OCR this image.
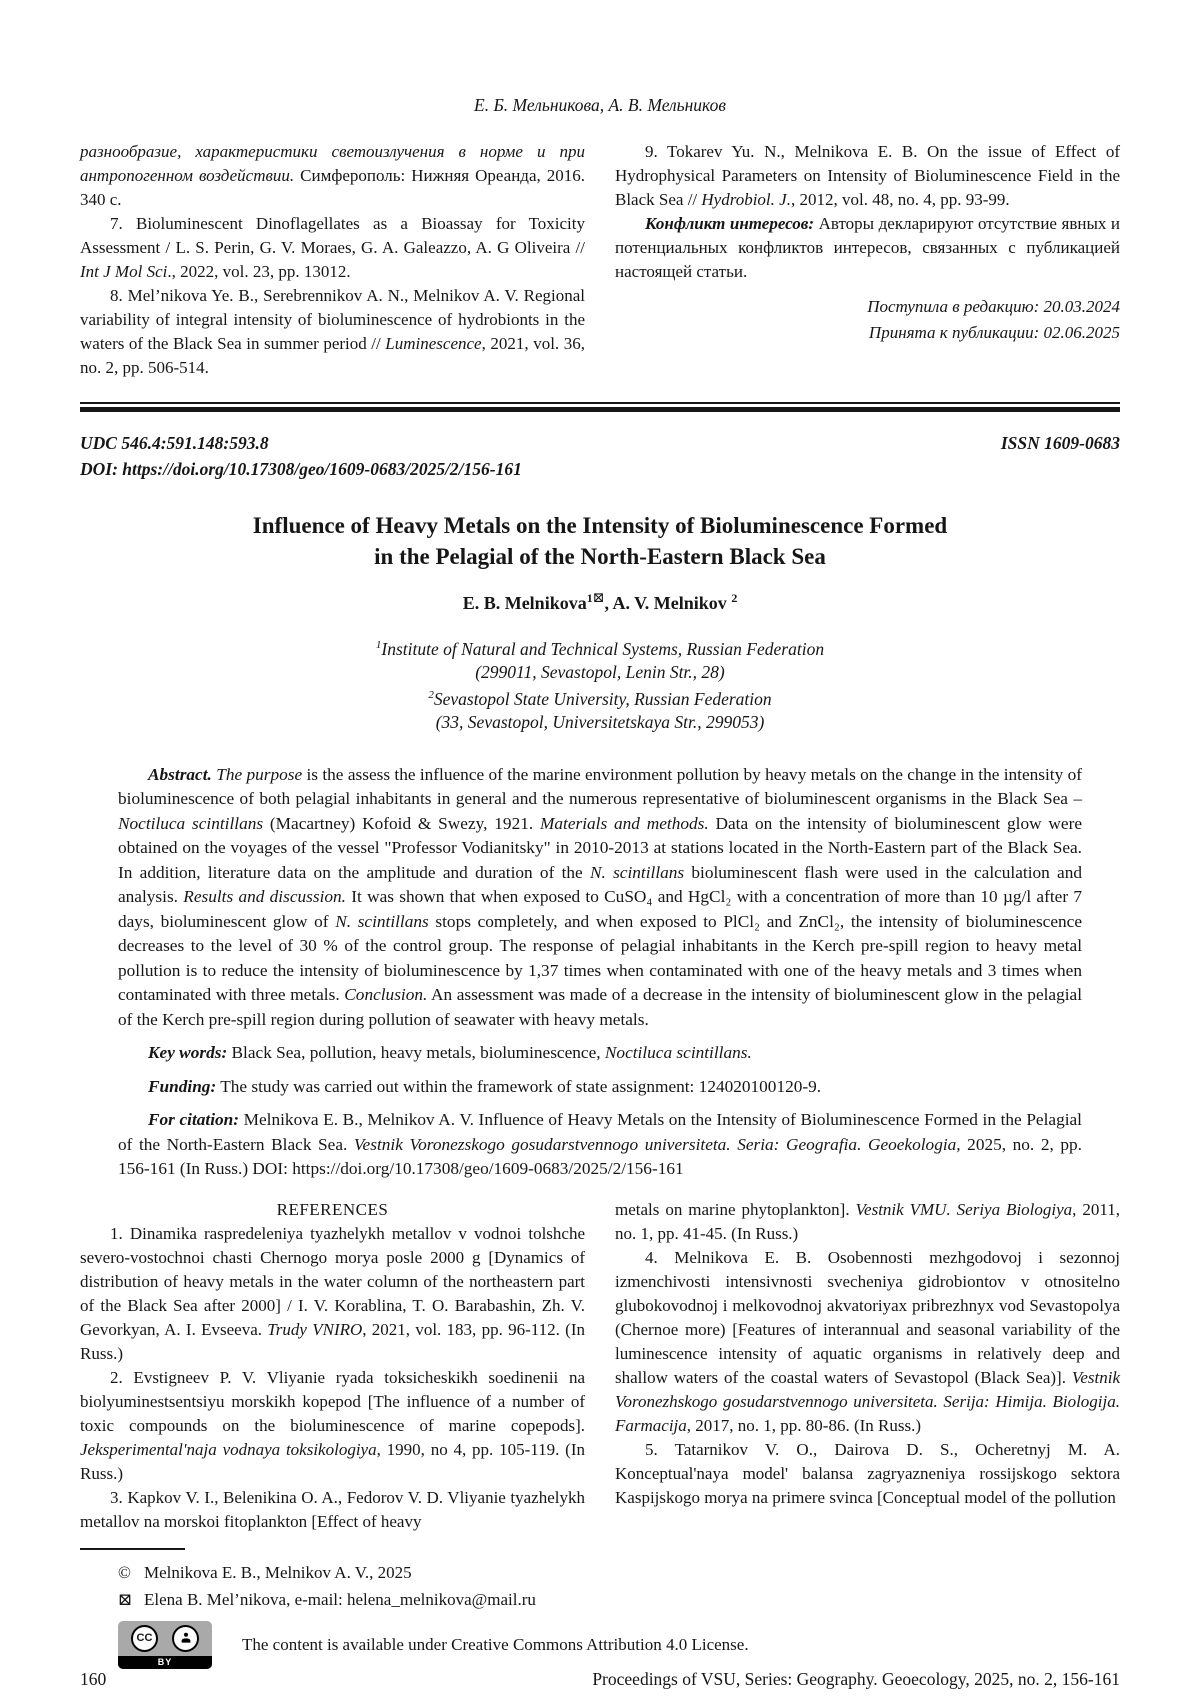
Е. Б. Мельникова, А. В. Мельников

разнообразие, характеристики светоизлучения в норме и при антропогенном воздействии. Симферополь: Нижняя Ореанда, 2016. 340 с.

7. Bioluminescent Dinoflagellates as a Bioassay for Toxicity Assessment / L. S. Perin, G. V. Moraes, G. A. Galeazzo, A. G Oliveira // Int J Mol Sci., 2022, vol. 23, pp. 13012.

8. Mel’nikova Ye. B., Serebrennikov A. N., Melnikov A. V. Regional variability of integral intensity of bioluminescence of hydrobionts in the waters of the Black Sea in summer period // Luminescence, 2021, vol. 36, no. 2, pp. 506-514.

9. Tokarev Yu. N., Melnikova E. B. On the issue of Effect of Hydrophysical Parameters on Intensity of Bioluminescence Field in the Black Sea // Hydrobiol. J., 2012, vol. 48, no. 4, pp. 93-99.

Конфликт интересов: Авторы декларируют отсутствие явных и потенциальных конфликтов интересов, связанных с публикацией настоящей статьи.

Поступила в редакцию: 20.03.2024

Принята к публикации: 02.06.2025

UDC 546.4:591.148:593.8	ISSN 1609-0683

DOI: https://doi.org/10.17308/geo/1609-0683/2025/2/156-161

Influence of Heavy Metals on the Intensity of Bioluminescence Formed
in the Pelagial of the North-Eastern Black Sea

E. B. Melnikova$^{1⊠}$, A. V. Melnikov $^2$

$^1$Institute of Natural and Technical Systems, Russian Federation

(299011, Sevastopol, Lenin Str., 28)

$^2$Sevastopol State University, Russian Federation

(33, Sevastopol, Universitetskaya Str., 299053)

Abstract. The purpose is the assess the influence of the marine environment pollution by heavy metals on the change in the intensity of bioluminescence of both pelagial inhabitants in general and the numerous representative of bioluminescent organisms in the Black Sea – Noctiluca scintillans (Macartney) Kofoid & Swezy, 1921. Materials and methods. Data on the intensity of bioluminescent glow were obtained on the voyages of the vessel "Professor Vodianitsky" in 2010-2013 at stations located in the North-Eastern part of the Black Sea. In addition, literature data on the amplitude and duration of the N. scintillans bioluminescent flash were used in the calculation and analysis. Results and discussion. It was shown that when exposed to CuSO₄ and HgCl₂ with a concentration of more than 10 µg/l after 7 days, bioluminescent glow of N. scintillans stops completely, and when exposed to PlCl₂ and ZnCl₂, the intensity of bioluminescence decreases to the level of 30 % of the control group. The response of pelagial inhabitants in the Kerch pre-spill region to heavy metal pollution is to reduce the intensity of bioluminescence by 1,37 times when contaminated with one of the heavy metals and 3 times when contaminated with three metals. Conclusion. An assessment was made of a decrease in the intensity of bioluminescent glow in the pelagial of the Kerch pre-spill region during pollution of seawater with heavy metals.

Key words: Black Sea, pollution, heavy metals, bioluminescence, Noctiluca scintillans.

Funding: The study was carried out within the framework of state assignment: 124020100120-9.

For citation: Melnikova E. B., Melnikov A. V. Influence of Heavy Metals on the Intensity of Bioluminescence Formed in the Pelagial of the North-Eastern Black Sea. Vestnik Voronezskogo gosudarstvennogo universiteta. Seria: Geografia. Geoekologia, 2025, no. 2, pp. 156-161 (In Russ.) DOI: https://doi.org/10.17308/geo/1609-0683/2025/2/156-161

REFERENCES

1. Dinamika raspredeleniya tyazhelykh metallov v vodnoi tolshche severo-vostochnoi chasti Chernogo morya posle 2000 g [Dynamics of distribution of heavy metals in the water column of the northeastern part of the Black Sea after 2000] / I. V. Korablina, T. O. Barabashin, Zh. V. Gevorkyan, A. I. Evseeva. Trudy VNIRO, 2021, vol. 183, pp. 96-112. (In Russ.)

2. Evstigneev P. V. Vliyanie ryada toksicheskikh soedinenii na biolyuminestsentsiyu morskikh kopepod [The influence of a number of toxic compounds on the bioluminescence of marine copepods]. Jeksperimental'naja vodnaya toksikologiya, 1990, no 4, pp. 105-119. (In Russ.)

3. Kapkov V. I., Belenikina O. A., Fedorov V. D. Vliyanie tyazhelykh metallov na morskoi fitoplankton [Effect of heavy

metals on marine phytoplankton]. Vestnik VMU. Seriya Biologiya, 2011, no. 1, pp. 41-45. (In Russ.)

4. Melnikova E. B. Osobennosti mezhgodovoj i sezonnoj izmenchivosti intensivnosti svecheniya gidrobiontov v otnositelno glubokovodnoj i melkovodnoj akvatoriyax pribrezhnyx vod Sevastopolya (Chernoe more) [Features of interannual and seasonal variability of the luminescence intensity of aquatic organisms in relatively deep and shallow waters of the coastal waters of Sevastopol (Black Sea)]. Vestnik Voronezhskogo gosudarstvennogo universiteta. Serija: Himija. Biologija. Farmacija, 2017, no. 1, pp. 80-86. (In Russ.)

5. Tatarnikov V. O., Dairova D. S., Ocheretnyj M. A. Konceptual'naya model' balansa zagryazneniya rossijskogo sektora Kaspijskogo morya na primere svinca [Conceptual model of the pollution

© Melnikova E. B., Melnikov A. V., 2025

⊠ Elena B. Mel’nikova, e-mail: helena_melnikova@mail.ru

CC
BY

The content is available under Creative Commons Attribution 4.0 License.

160	Proceedings of VSU, Series: Geography. Geoecology, 2025, no. 2, 156-161
